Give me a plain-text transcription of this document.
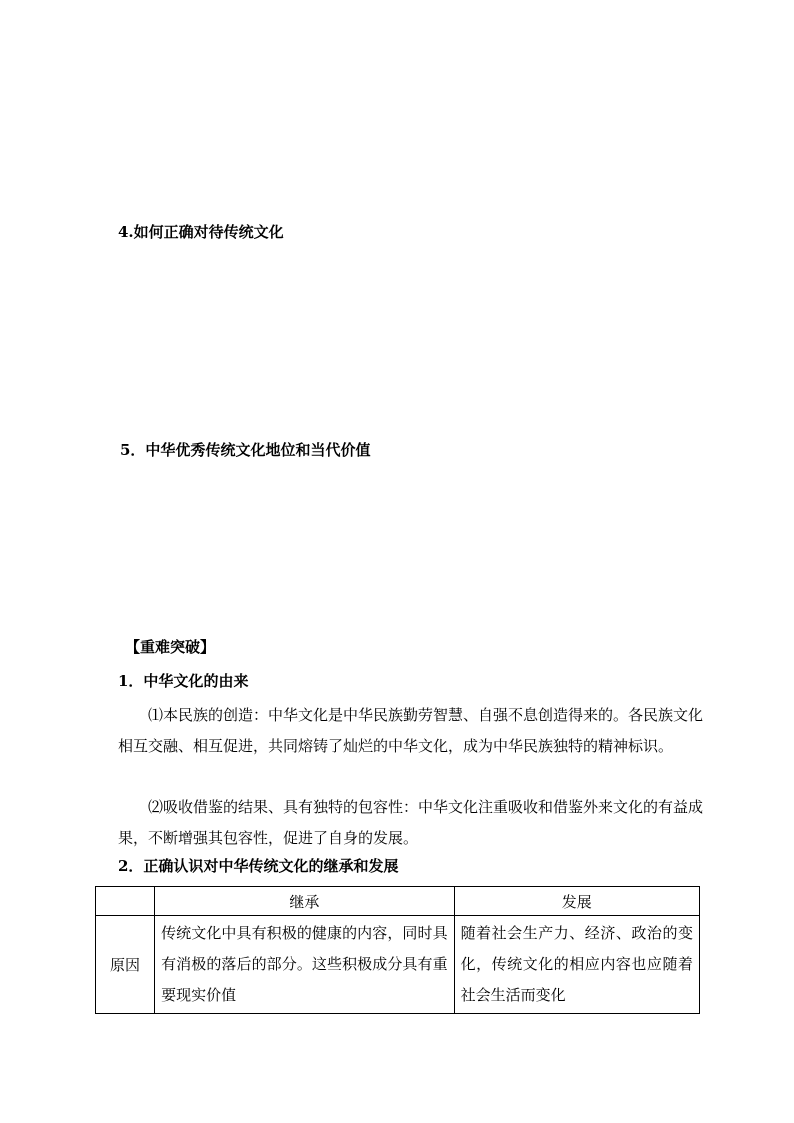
4.如何正确对待传统文化
5．中华优秀传统文化地位和当代价值
【重难突破】
1．中华文化的由来
⑴本民族的创造：中华文化是中华民族勤劳智慧、自强不息创造得来的。各民族文化相互交融、相互促进，共同熔铸了灿烂的中华文化，成为中华民族独特的精神标识。
⑵吸收借鉴的结果、具有独特的包容性：中华文化注重吸收和借鉴外来文化的有益成果，不断增强其包容性，促进了自身的发展。
2．正确认识对中华传统文化的继承和发展
	继承	发展
原因	传统文化中具有积极的健康的内容，同时具有消极的落后的部分。这些积极成分具有重要现实价值	随着社会生产力、经济、政治的变化，传统文化的相应内容也应随着社会生活而变化
